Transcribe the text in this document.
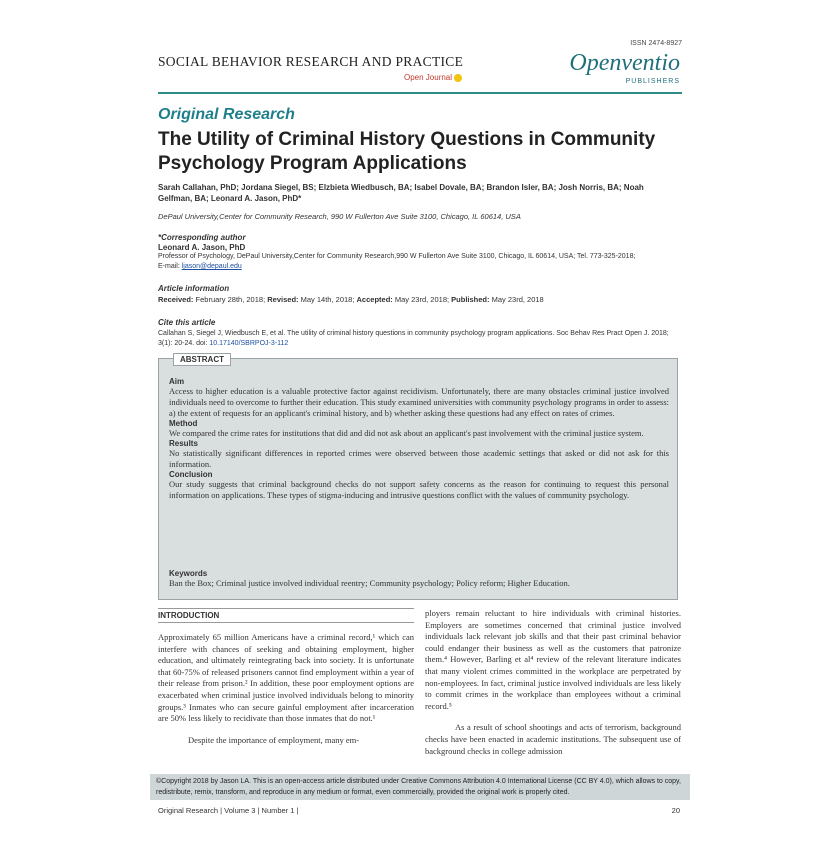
ISSN 2474-8927
SOCIAL BEHAVIOR RESEARCH AND PRACTICE
Open Journal
Openventio
PUBLISHERS
Original Research
The Utility of Criminal History Questions in Community Psychology Program Applications
Sarah Callahan, PhD; Jordana Siegel, BS; Elzbieta Wiedbusch, BA; Isabel Dovale, BA; Brandon Isler, BA; Josh Norris, BA; Noah Gelfman, BA; Leonard A. Jason, PhD*
DePaul University,Center for Community Research, 990 W Fullerton Ave Suite 3100, Chicago, IL 60614, USA
*Corresponding author
Leonard A. Jason, PhD
Professor of Psychology, DePaul University,Center for Community Research,990 W Fullerton Ave Suite 3100, Chicago, IL 60614, USA; Tel. 773-325-2018;
E-mail: ljason@depaul.edu
Article information
Received: February 28th, 2018; Revised: May 14th, 2018; Accepted: May 23rd, 2018; Published: May 23rd, 2018
Cite this article
Callahan S, Siegel J, Wiedbusch E, et al. The utility of criminal history questions in community psychology program applications. Soc Behav Res Pract Open J. 2018; 3(1): 20-24. doi: 10.17140/SBRPOJ-3-112
ABSTRACT
Aim

Access to higher education is a valuable protective factor against recidivism. Unfortunately, there are many obstacles criminal justice involved individuals need to overcome to further their education. This study examined universities with community psychology programs in order to assess: a) the extent of requests for an applicant's criminal history, and b) whether asking these questions had any effect on rates of crimes.

Method

We compared the crime rates for institutions that did and did not ask about an applicant's past involvement with the criminal justice system.

Results

No statistically significant differences in reported crimes were observed between those academic settings that asked or did not ask for this information.

Conclusion

Our study suggests that criminal background checks do not support safety concerns as the reason for continuing to request this personal information on applications. These types of stigma-inducing and intrusive questions conflict with the values of community psychology.

Keywords
Ban the Box; Criminal justice involved individual reentry; Community psychology; Policy reform; Higher Education.
INTRODUCTION

Approximately 65 million Americans have a criminal record,¹ which can interfere with chances of seeking and obtaining employment, higher education, and ultimately reintegrating back into society. It is unfortunate that 60-75% of released prisoners cannot find employment within a year of their release from prison.² In addition, these poor employment options are exacerbated when criminal justice involved individuals belong to minority groups.³ Inmates who can secure gainful employment after incarceration are 50% less likely to recidivate than those inmates that do not.¹

Despite the importance of employment, many em-

ployers remain reluctant to hire individuals with criminal histories. Employers are sometimes concerned that criminal justice involved individuals lack relevant job skills and that their past criminal behavior could endanger their business as well as the customers that patronize them.⁴ However, Barling et al⁴ review of the relevant literature indicates that many violent crimes committed in the workplace are perpetrated by non-employees. In fact, criminal justice involved individuals are less likely to commit crimes in the workplace than employees without a criminal record.⁵

As a result of school shootings and acts of terrorism, background checks have been enacted in academic institutions. The subsequent use of background checks in college admission

©Copyright 2018 by Jason LA. This is an open-access article distributed under Creative Commons Attribution 4.0 International License (CC BY 4.0), which allows to copy, redistribute, remix, transform, and reproduce in any medium or format, even commercially, provided the original work is properly cited.
Original Research | Volume 3 | Number 1 |	20
